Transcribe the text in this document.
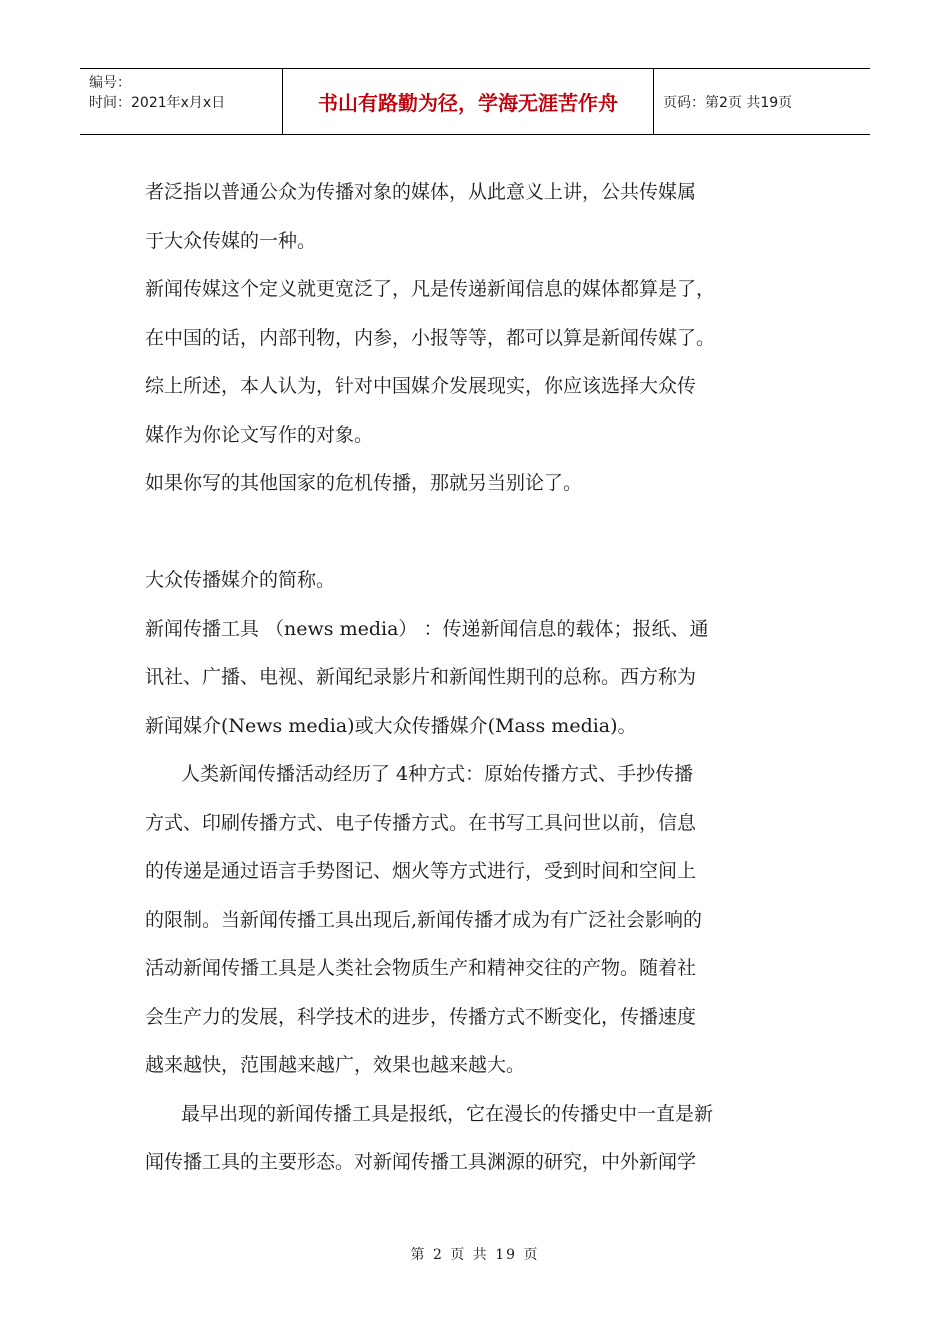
编号：
时间：2021年x月x日	书山有路勤为径，学海无涯苦作舟	页码：第2页 共19页

者泛指以普通公众为传播对象的媒体，从此意义上讲，公共传媒属

于大众传媒的一种。

新闻传媒这个定义就更宽泛了，凡是传递新闻信息的媒体都算是了，

在中国的话，内部刊物，内参，小报等等，都可以算是新闻传媒了。

综上所述，本人认为，针对中国媒介发展现实，你应该选择大众传

媒作为你论文写作的对象。

如果你写的其他国家的危机传播，那就另当别论了。

大众传播媒介的简称。

新闻传播工具 （news media） ：传递新闻信息的载体；报纸、通

讯社、广播、电视、新闻纪录影片和新闻性期刊的总称。西方称为

新闻媒介(News media)或大众传播媒介(Mass media)。

人类新闻传播活动经历了 4种方式：原始传播方式、手抄传播

方式、印刷传播方式、电子传播方式。在书写工具问世以前，信息

的传递是通过语言手势图记、烟火等方式进行，受到时间和空间上

的限制。当新闻传播工具出现后,新闻传播才成为有广泛社会影响的

活动新闻传播工具是人类社会物质生产和精神交往的产物。随着社

会生产力的发展，科学技术的进步，传播方式不断变化，传播速度

越来越快，范围越来越广，效果也越来越大。

最早出现的新闻传播工具是报纸，它在漫长的传播史中一直是新

闻传播工具的主要形态。对新闻传播工具渊源的研究，中外新闻学

第 2 页 共 19 页
